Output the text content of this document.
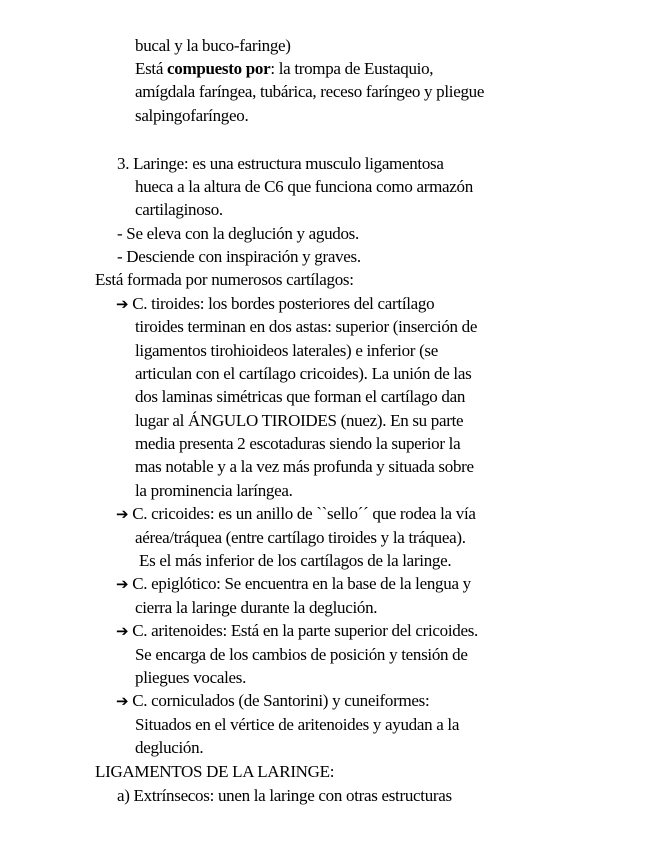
bucal y la buco-faringe)
Está compuesto por: la trompa de Eustaquio,
amígdala faríngea, tubárica, receso faríngeo y pliegue
salpingofaríngeo.
3. Laringe: es una estructura musculo ligamentosa
hueca a la altura de C6 que funciona como armazón
cartilaginoso.
- Se eleva con la deglución y agudos.
- Desciende con inspiración y graves.
Está formada por numerosos cartílagos:
➔ C. tiroides: los bordes posteriores del cartílago
tiroides terminan en dos astas: superior (inserción de
ligamentos tirohioideos laterales) e inferior (se
articulan con el cartílago cricoides). La unión de las
dos laminas simétricas que forman el cartílago dan
lugar al ÁNGULO TIROIDES (nuez). En su parte
media presenta 2 escotaduras siendo la superior la
mas notable y a la vez más profunda y situada sobre
la prominencia laríngea.
➔ C. cricoides: es un anillo de ``sello´´ que rodea la vía
aérea/tráquea (entre cartílago tiroides y la tráquea).
Es el más inferior de los cartílagos de la laringe.
➔ C. epiglótico: Se encuentra en la base de la lengua y
cierra la laringe durante la deglución.
➔ C. aritenoides: Está en la parte superior del cricoides.
Se encarga de los cambios de posición y tensión de
pliegues vocales.
➔ C. corniculados (de Santorini) y cuneiformes:
Situados en el vértice de aritenoides y ayudan a la
deglución.
LIGAMENTOS DE LA LARINGE:
a) Extrínsecos: unen la laringe con otras estructuras
